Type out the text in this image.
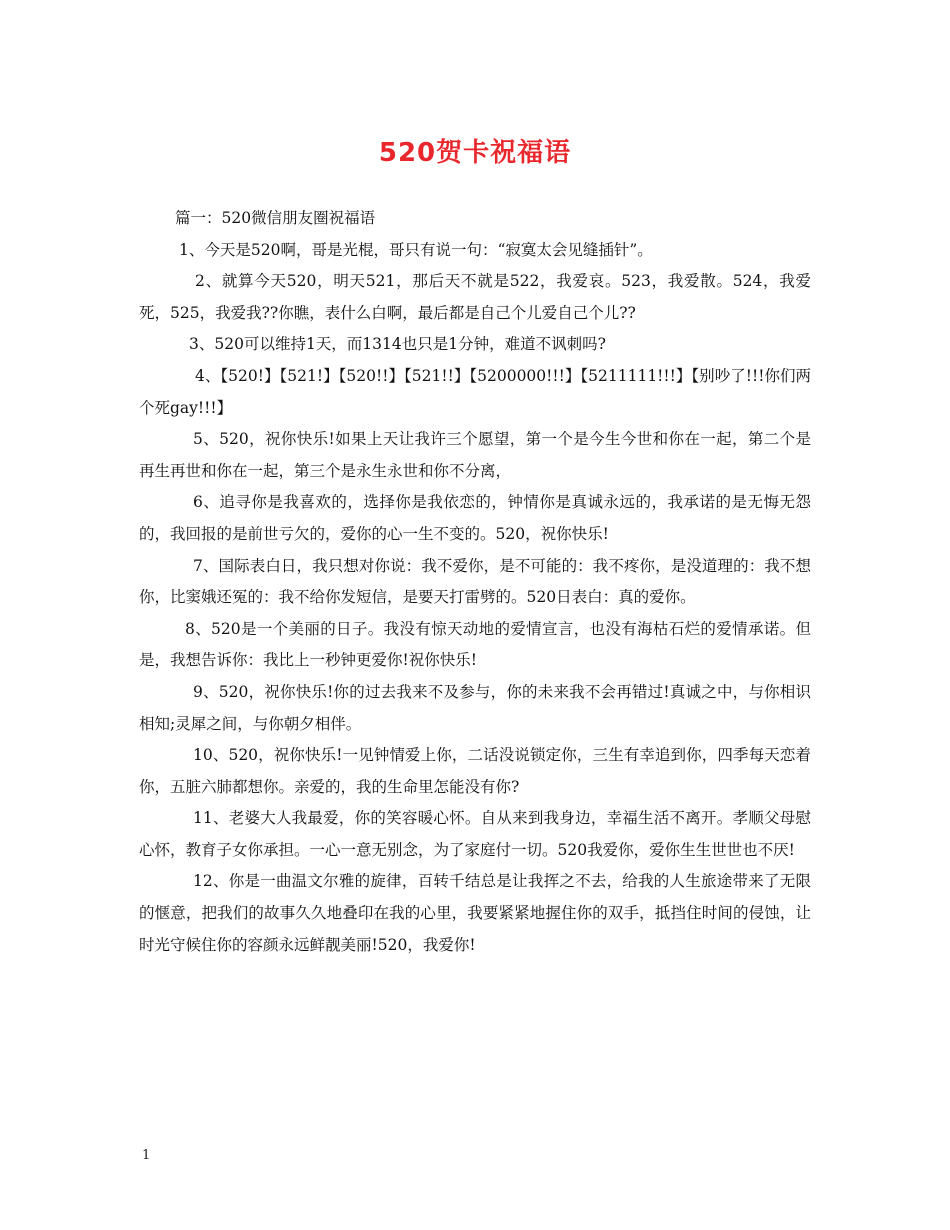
520贺卡祝福语

篇一：520微信朋友圈祝福语

1、今天是520啊，哥是光棍，哥只有说一句：“寂寞太会见缝插针”。

2、就算今天520，明天521，那后天不就是522，我爱哀。523，我爱散。524，我爱死，525，我爱我??你瞧，表什么白啊，最后都是自己个儿爱自己个儿??

3、520可以维持1天，而1314也只是1分钟，难道不讽刺吗?

4、【520!】【521!】【520!!】【521!!】【5200000!!!】【5211111!!!】【别吵了!!!你们两个死gay!!!】

5、520，祝你快乐!如果上天让我许三个愿望，第一个是今生今世和你在一起，第二个是再生再世和你在一起，第三个是永生永世和你不分离，

6、追寻你是我喜欢的，选择你是我依恋的，钟情你是真诚永远的，我承诺的是无悔无怨的，我回报的是前世亏欠的，爱你的心一生不变的。520，祝你快乐!

7、国际表白日，我只想对你说：我不爱你，是不可能的：我不疼你，是没道理的：我不想你，比窦娥还冤的：我不给你发短信，是要天打雷劈的。520日表白：真的爱你。

8、520是一个美丽的日子。我没有惊天动地的爱情宣言，也没有海枯石烂的爱情承诺。但是，我想告诉你：我比上一秒钟更爱你!祝你快乐!

9、520，祝你快乐!你的过去我来不及参与，你的未来我不会再错过!真诚之中，与你相识相知;灵犀之间，与你朝夕相伴。

10、520，祝你快乐!一见钟情爱上你，二话没说锁定你，三生有幸追到你，四季每天恋着你，五脏六肺都想你。亲爱的，我的生命里怎能没有你?

11、老婆大人我最爱，你的笑容暖心怀。自从来到我身边，幸福生活不离开。孝顺父母慰心怀，教育子女你承担。一心一意无别念，为了家庭付一切。520我爱你，爱你生生世世也不厌!

12、你是一曲温文尔雅的旋律，百转千结总是让我挥之不去，给我的人生旅途带来了无限的惬意，把我们的故事久久地叠印在我的心里，我要紧紧地握住你的双手，抵挡住时间的侵蚀，让时光守候住你的容颜永远鲜靓美丽!520，我爱你!

1
